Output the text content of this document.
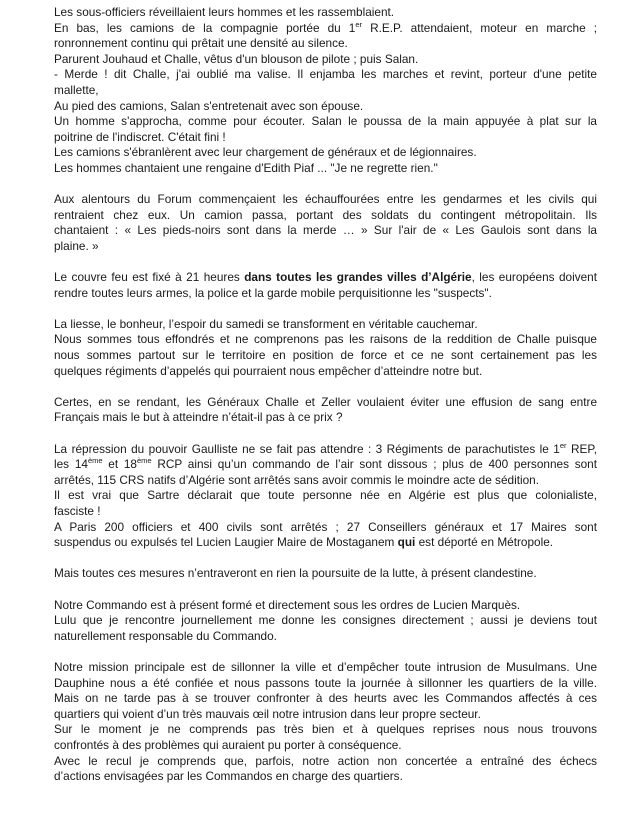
Les sous-officiers réveillaient leurs hommes et les rassemblaient.
En bas, les camions de la compagnie portée du 1er R.E.P. attendaient, moteur en marche ;
ronronnement continu qui prêtait une densité au silence.
Parurent Jouhaud et Challe, vêtus d'un blouson de pilote ; puis Salan.
- Merde ! dit Challe, j'ai oublié ma valise. Il enjamba les marches et revint, porteur d'une petite
mallette,
Au pied des camions, Salan s'entretenait avec son épouse.
Un homme s'approcha, comme pour écouter. Salan le poussa de la main appuyée à plat sur la
poitrine de l'indiscret. C'était fini !
Les camions s'ébranlèrent avec leur chargement de généraux et de légionnaires.
Les hommes chantaient une rengaine d'Edith Piaf ... "Je ne regrette rien."
Aux alentours du Forum commençaient les échauffourées entre les gendarmes et les civils qui
rentraient chez eux. Un camion passa, portant des soldats du contingent métropolitain. Ils
chantaient : « Les pieds-noirs sont dans la merde … » Sur l'air de « Les Gaulois sont dans la
plaine. »
Le couvre feu est fixé à 21 heures dans toutes les grandes villes d’Algérie, les européens doivent
rendre toutes leurs armes, la police et la garde mobile perquisitionne les "suspects".
La liesse, le bonheur, l’espoir du samedi se transforment en véritable cauchemar.
Nous sommes tous effondrés et ne comprenons pas les raisons de la reddition de Challe puisque
nous sommes partout sur le territoire en position de force et ce ne sont certainement pas les
quelques régiments d’appelés qui pourraient nous empêcher d’atteindre notre but.
Certes, en se rendant, les Généraux Challe et Zeller voulaient éviter une effusion de sang entre
Français mais le but à atteindre n’était-il pas à ce prix ?
La répression du pouvoir Gaulliste ne se fait pas attendre : 3 Régiments de parachutistes le 1er REP,
les 14ème et 18ème RCP ainsi qu’un commando de l’air sont dissous ; plus de 400 personnes sont
arrêtés, 115 CRS natifs d’Algérie sont arrêtés sans avoir commis le moindre acte de sédition.
Il est vrai que Sartre déclarait que toute personne née en Algérie est plus que colonialiste,
fasciste !
A Paris 200 officiers et 400 civils sont arrêtés ; 27 Conseillers généraux et 17 Maires sont
suspendus ou expulsés tel Lucien Laugier Maire de Mostaganem qui est déporté en Métropole.
Mais toutes ces mesures n’entraveront en rien la poursuite de la lutte, à présent clandestine.
Notre Commando est à présent formé et directement sous les ordres de Lucien Marquès.
Lulu que je rencontre journellement me donne les consignes directement ; aussi je deviens tout
naturellement responsable du Commando.
Notre mission principale est de sillonner la ville et d’empêcher toute intrusion de Musulmans. Une
Dauphine nous a été confiée et nous passons toute la journée à sillonner les quartiers de la ville.
Mais on ne tarde pas à se trouver confronter à des heurts avec les Commandos affectés à ces
quartiers qui voient d’un très mauvais œil notre intrusion dans leur propre secteur.
Sur le moment je ne comprends pas très bien et à quelques reprises nous nous trouvons
confrontés à des problèmes qui auraient pu porter à conséquence.
Avec le recul je comprends que, parfois, notre action non concertée a entraîné des échecs
d’actions envisagées par les Commandos en charge des quartiers.
